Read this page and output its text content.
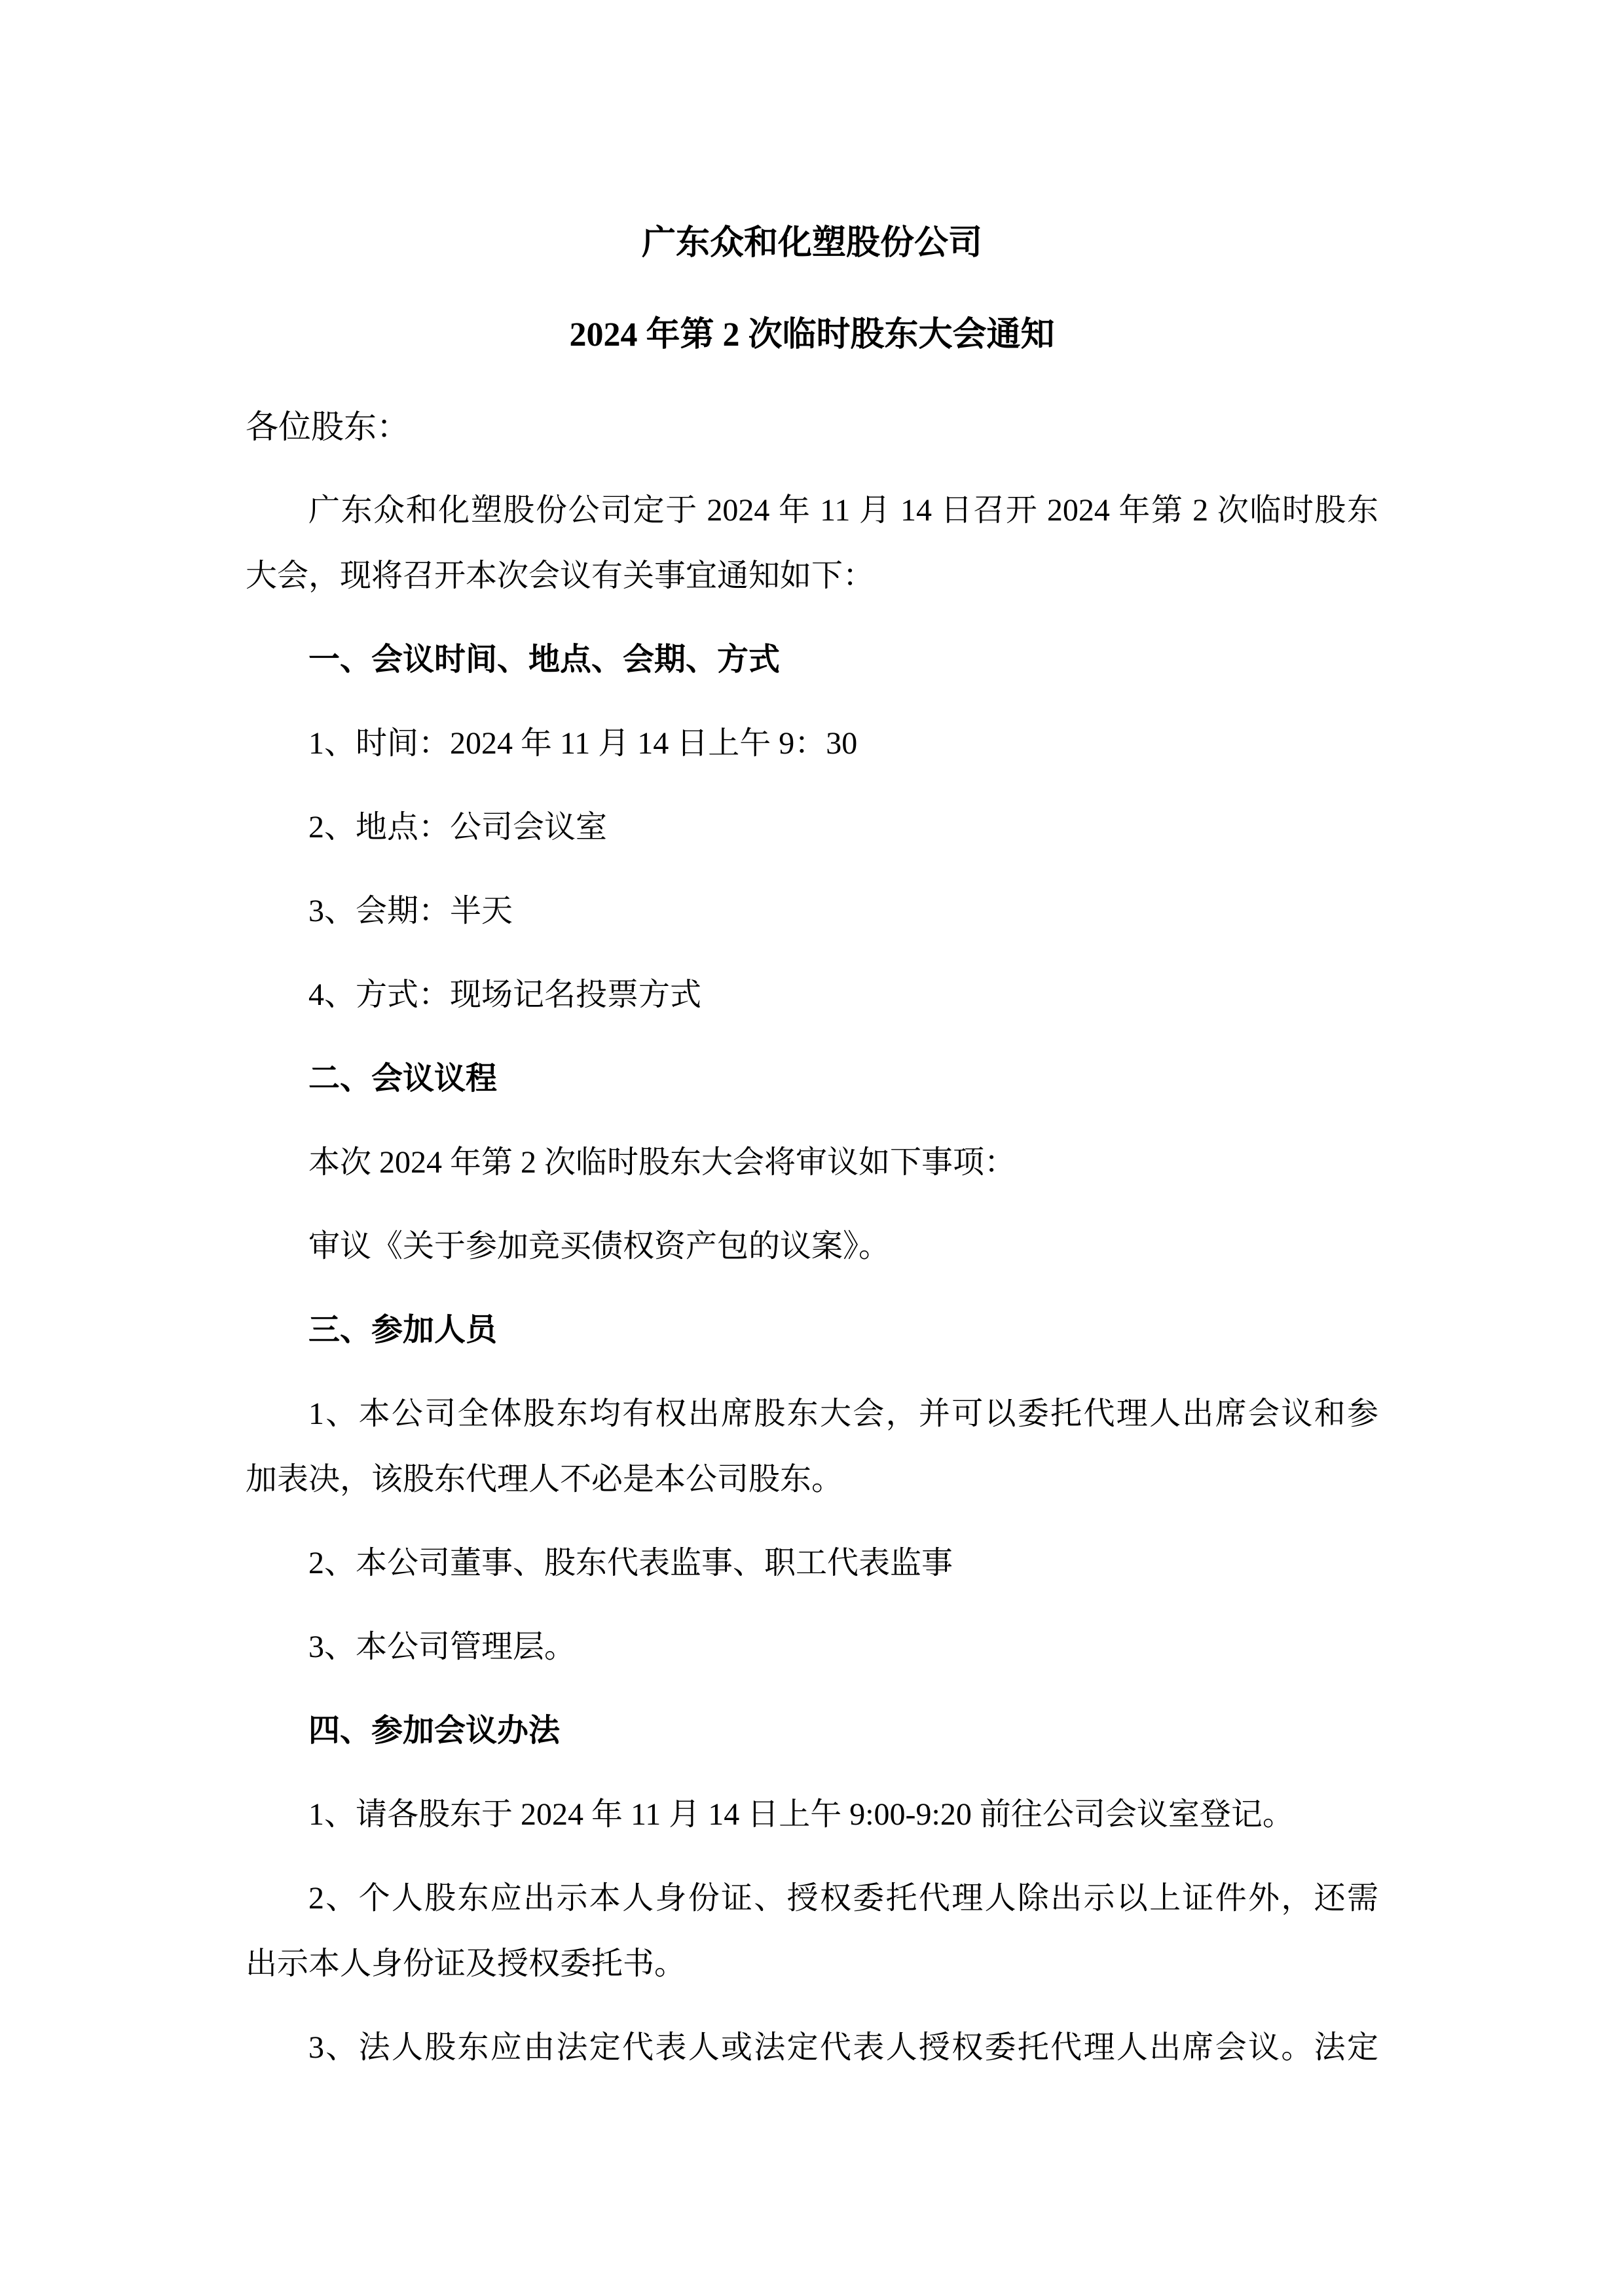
广东众和化塑股份公司
2024 年第 2 次临时股东大会通知
各位股东：
广东众和化塑股份公司定于 2024 年 11 月 14 日召开 2024 年第 2 次临时股东
大会，现将召开本次会议有关事宜通知如下：
一、会议时间、地点、会期、方式
1、时间：2024 年 11 月 14 日上午 9：30
2、地点：公司会议室
3、会期：半天
4、方式：现场记名投票方式
二、会议议程
本次 2024 年第 2 次临时股东大会将审议如下事项：
审议《关于参加竞买债权资产包的议案》。
三、参加人员
1、本公司全体股东均有权出席股东大会，并可以委托代理人出席会议和参
加表决，该股东代理人不必是本公司股东。
2、本公司董事、股东代表监事、职工代表监事
3、本公司管理层。
四、参加会议办法
1、请各股东于 2024 年 11 月 14 日上午 9:00-9:20 前往公司会议室登记。
2、个人股东应出示本人身份证、授权委托代理人除出示以上证件外，还需
出示本人身份证及授权委托书。
3、法人股东应由法定代表人或法定代表人授权委托代理人出席会议。法定
